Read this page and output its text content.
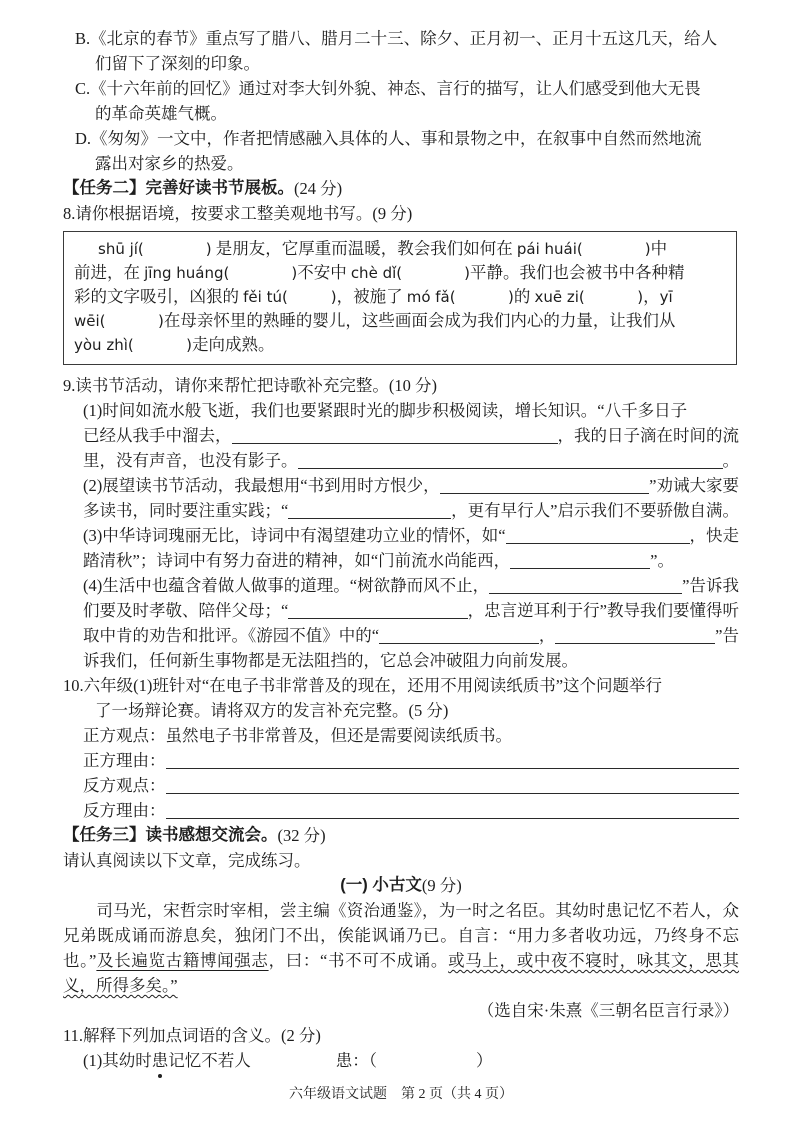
B.《北京的春节》重点写了腊八、腊月二十三、除夕、正月初一、正月十五这几天，给人
们留下了深刻的印象。
C.《十六年前的回忆》通过对李大钊外貌、神态、言行的描写，让人们感受到他大无畏
的革命英雄气概。
D.《匆匆》一文中，作者把情感融入具体的人、事和景物之中，在叙事中自然而然地流
露出对家乡的热爱。
【任务二】完善好读书节展板。 (24 分)
8.请你根据语境，按要求工整美观地书写。(9 分)
shū jí(             ) 是朋友，它厚重而温暖，教会我们如何在 pái huái(             ) 中
前进，在 jīng huáng(             ) 不安中 chè dǐ(             ) 平静。我们也会被书中各种精
彩的文字吸引，凶狠的 fěi tú(         ) ，被施了 mó fǎ(           ) 的 xuē zi(           ) ， yī
wēi(           ) 在母亲怀里的熟睡的婴儿，这些画面会成为我们内心的力量，让我们从
yòu zhì(           ) 走向成熟。
9.读书节活动，请你来帮忙把诗歌补充完整。(10 分)
(1)时间如流水般飞逝，我们也要紧跟时光的脚步积极阅读，增长知识。“八千多日子
已经从我手中溜去，	，我的日子滴在时间的流
里，没有声音，也没有影子。	。
(2)展望读书节活动，我最想用“书到用时方恨少，	”劝诫大家要
多读书，同时要注重实践；“	，更有早行人”启示我们不要骄傲自满。
(3)中华诗词瑰丽无比，诗词中有渴望建功立业的情怀，如“	，快走
踏清秋”；诗词中有努力奋进的精神，如“门前流水尚能西，	”。
(4)生活中也蕴含着做人做事的道理。“树欲静而风不止，	”告诉我
们要及时孝敬、陪伴父母；“	，忠言逆耳利于行”教导我们要懂得听
取中肯的劝告和批评。《游园不值》中的“	，	”告
诉我们，任何新生事物都是无法阻挡的，它总会冲破阻力向前发展。
10.六年级(1)班针对“在电子书非常普及的现在，还用不用阅读纸质书”这个问题举行
了一场辩论赛。请将双方的发言补充完整。(5 分)
正方观点：虽然电子书非常普及，但还是需要阅读纸质书。
正方理由：
反方观点：
反方理由：
【任务三】读书感想交流会。 (32 分)
请认真阅读以下文章，完成练习。
(一) 小古文 (9 分)

　　司马光，宋哲宗时宰相，尝主编《资治通鉴》，为一时之名臣。其幼时患记忆不若人，众兄弟既成诵而游息矣，独闭门不出，俟能讽诵乃已。自言：“用力多者收功远，乃终身不忘也。”及长遍览古籍博闻强志，曰：“书不可不成诵。或马上，或中夜不寝时，咏其文，思其义，所得多矣。”

（选自宋·朱熹《三朝名臣言行录》）
11.解释下列加点词语的含义。(2 分)
(1)其幼时 患 记忆不若人	患：（　　　　　　）
六年级语文试题　第 2 页（共 4 页）
